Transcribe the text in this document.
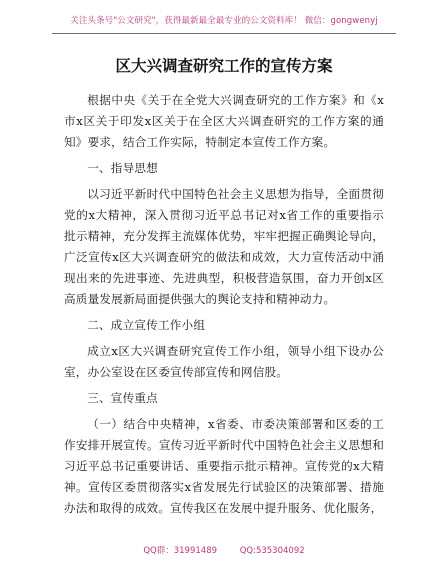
关注头条号"公文研究"，获得最新最全最专业的公文资料库！ 微信：gongwenyj
区大兴调查研究工作的宣传方案

根据中央《关于在全党大兴调查研究的工作方案》和《x市x区关于印发x区关于在全区大兴调查研究的工作方案的通知》要求，结合工作实际，特制定本宣传工作方案。

一、指导思想

以习近平新时代中国特色社会主义思想为指导，全面贯彻党的x大精神，深入贯彻习近平总书记对x省工作的重要指示批示精神，充分发挥主流媒体优势，牢牢把握正确舆论导向，广泛宣传x区大兴调查研究的做法和成效，大力宣传活动中涌现出来的先进事迹、先进典型，积极营造氛围，奋力开创x区高质量发展新局面提供强大的舆论支持和精神动力。

二、成立宣传工作小组

成立x区大兴调查研究宣传工作小组，领导小组下设办公室，办公室设在区委宣传部宣传和网信股。

三、宣传重点

（一）结合中央精神，x省委、市委决策部署和区委的工作安排开展宣传。宣传习近平新时代中国特色社会主义思想和习近平总书记重要讲话、重要指示批示精神。宣传党的x大精神。宣传区委贯彻落实x省发展先行试验区的决策部署、措施办法和取得的成效。宣传我区在发展中提升服务、优化服务，

QQ群：31991489	QQ:535304092
